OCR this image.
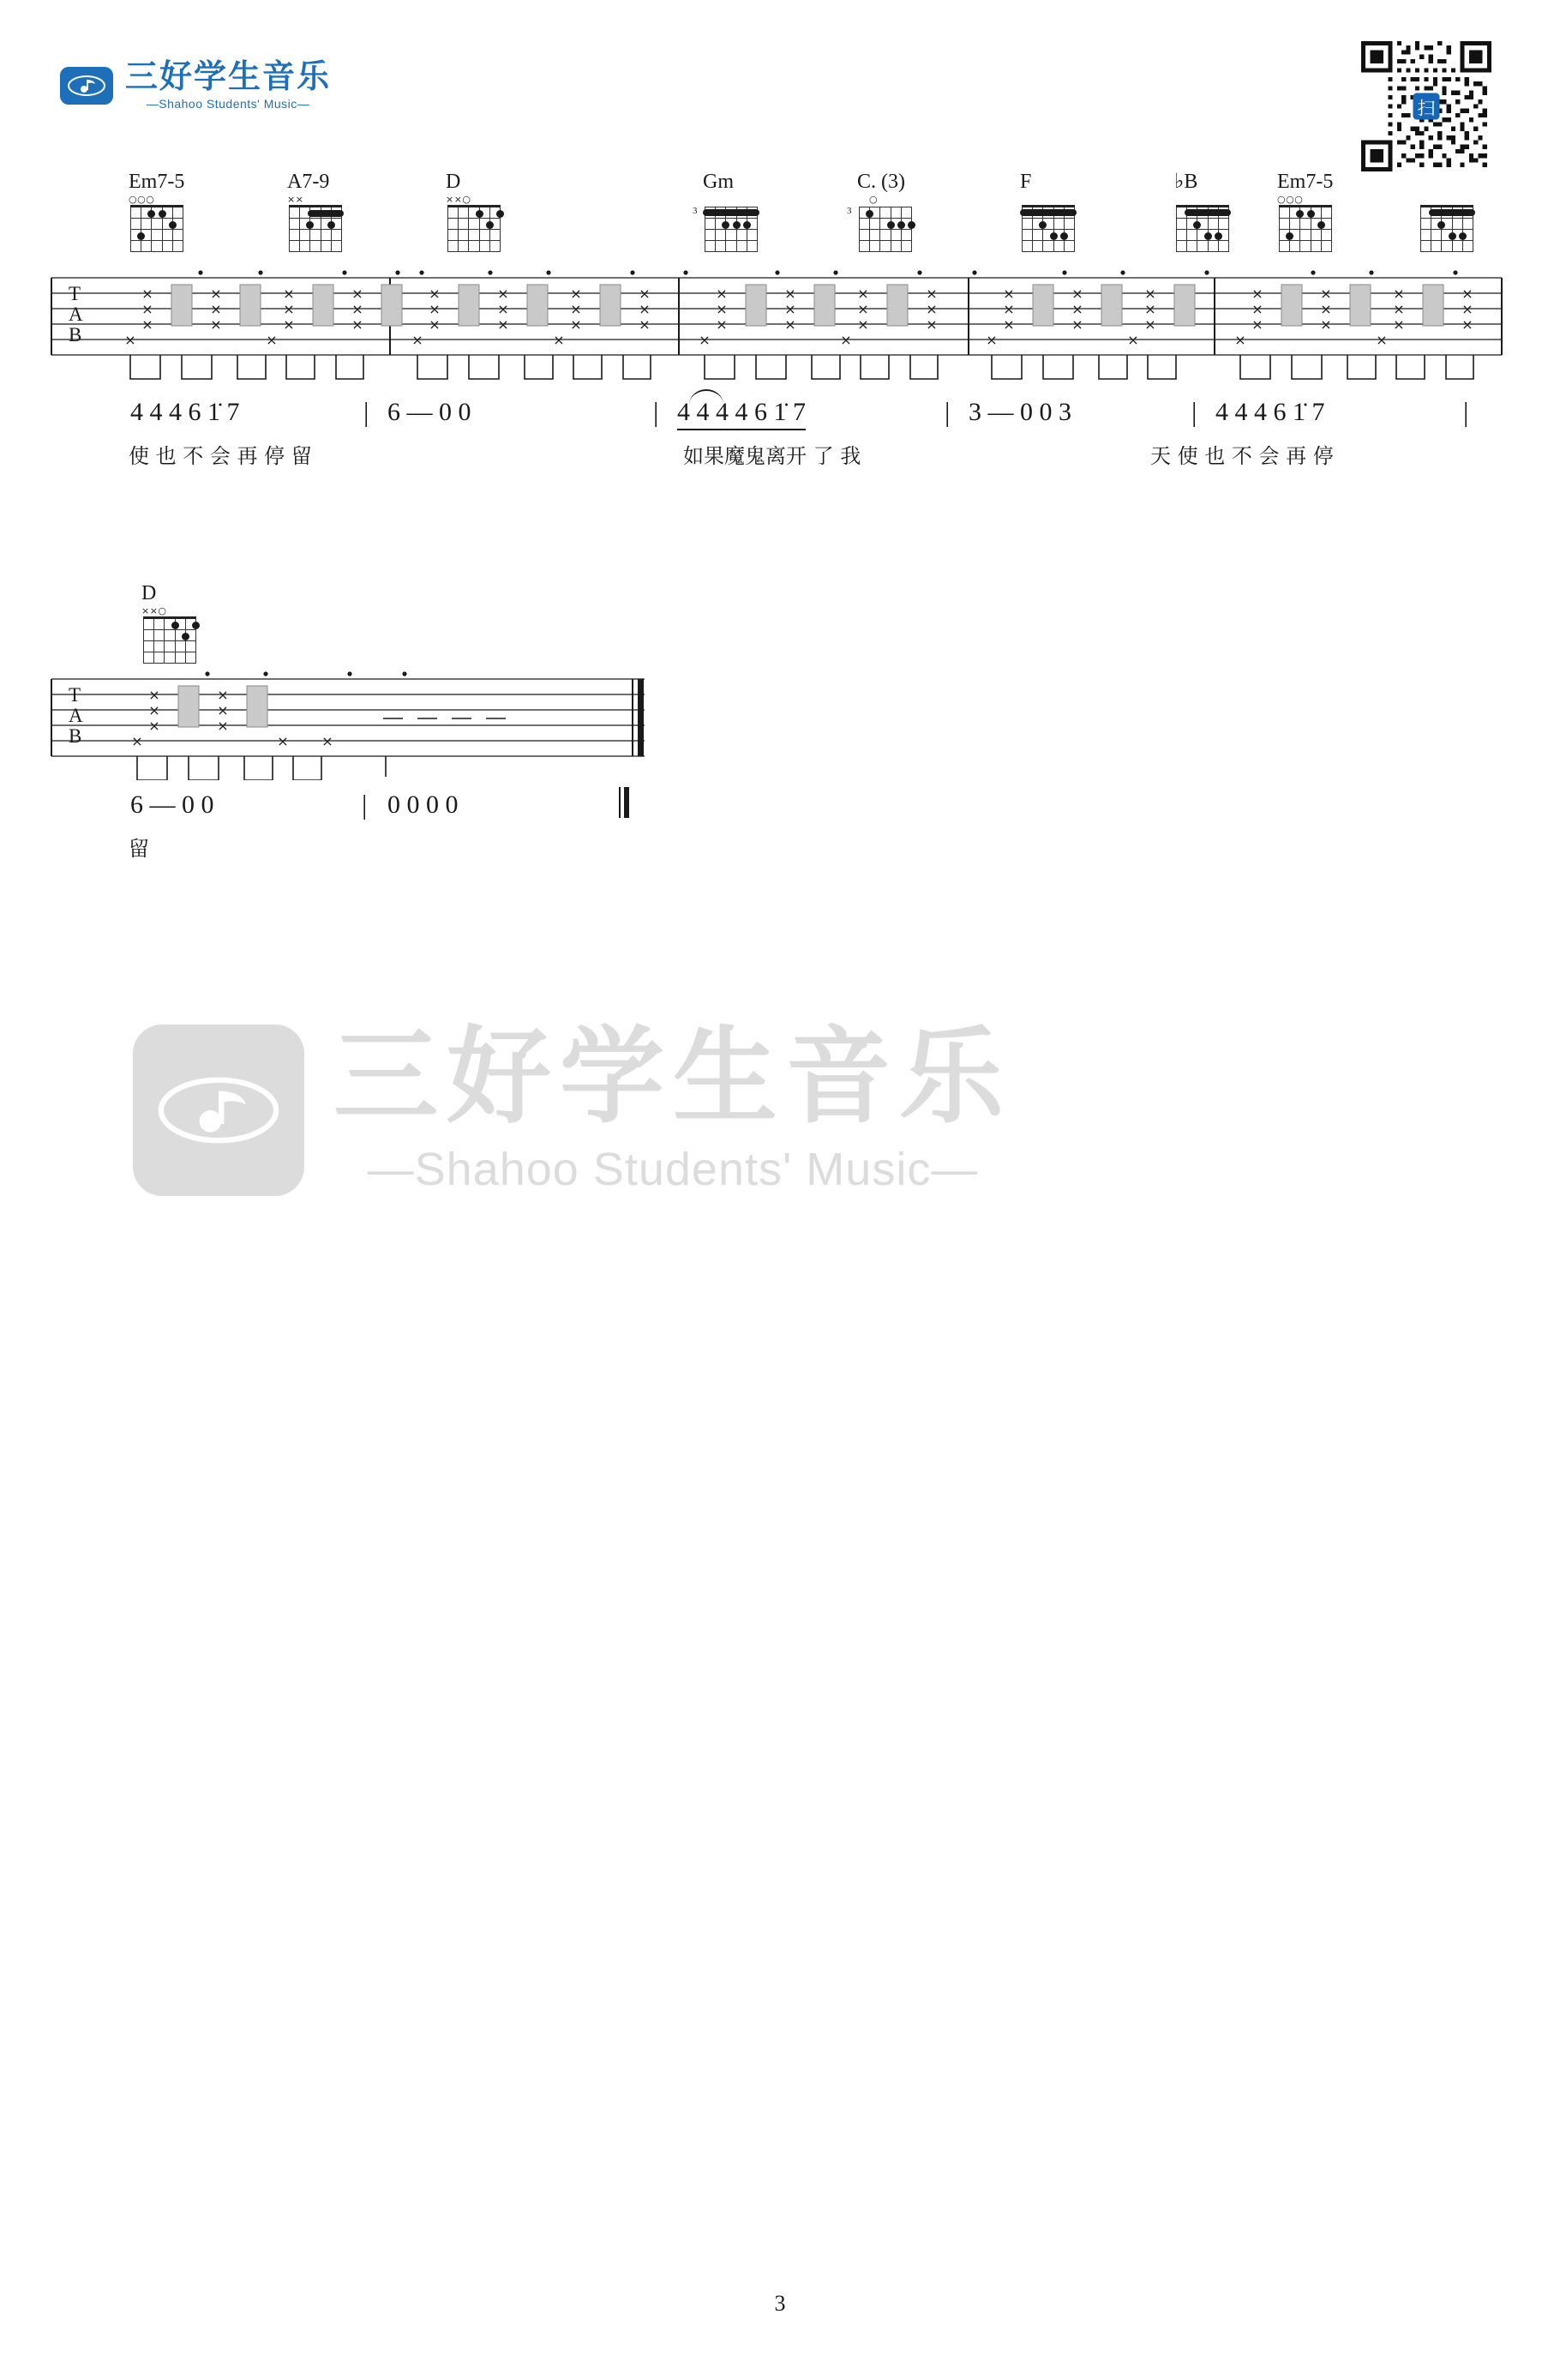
三好学生音乐
—Shahoo Students' Music—	扫
Em7-5
○○○
A7-9
××
D
××○
Gm
3
C. (3)
3
○
F	♭B	Em7-5
○○○
T
A
B
×
×
×
×
×
×
×
×
×
×
×
×
×	×
×
×
×
×
×
×
×
×
×
×
×
×
×	×
×
×
×
×
×
×
×
×
×
×
×
×
×	×
×
×
×
×
×
×
×
×
×
×	×
×
×
×
×
×
×
×
×
×
×
×
×
×	×
4 4 4 6 1̇ 7	| 6 — 0 0	| 4 4 4 4 6 1̇ 7	| 3 — 0 0 3	| 4 4 4 6 1̇ 7	|
使 也 不 会 再 停 留	如果魔鬼离开 了 我	天 使 也 不 会 再 停
D
××○
T
A
B
×
×
×
×
×
×
×	× ×
6 — 0 0	| 0 0 0 0
留
三好学生音乐
—Shahoo Students' Music—
3
